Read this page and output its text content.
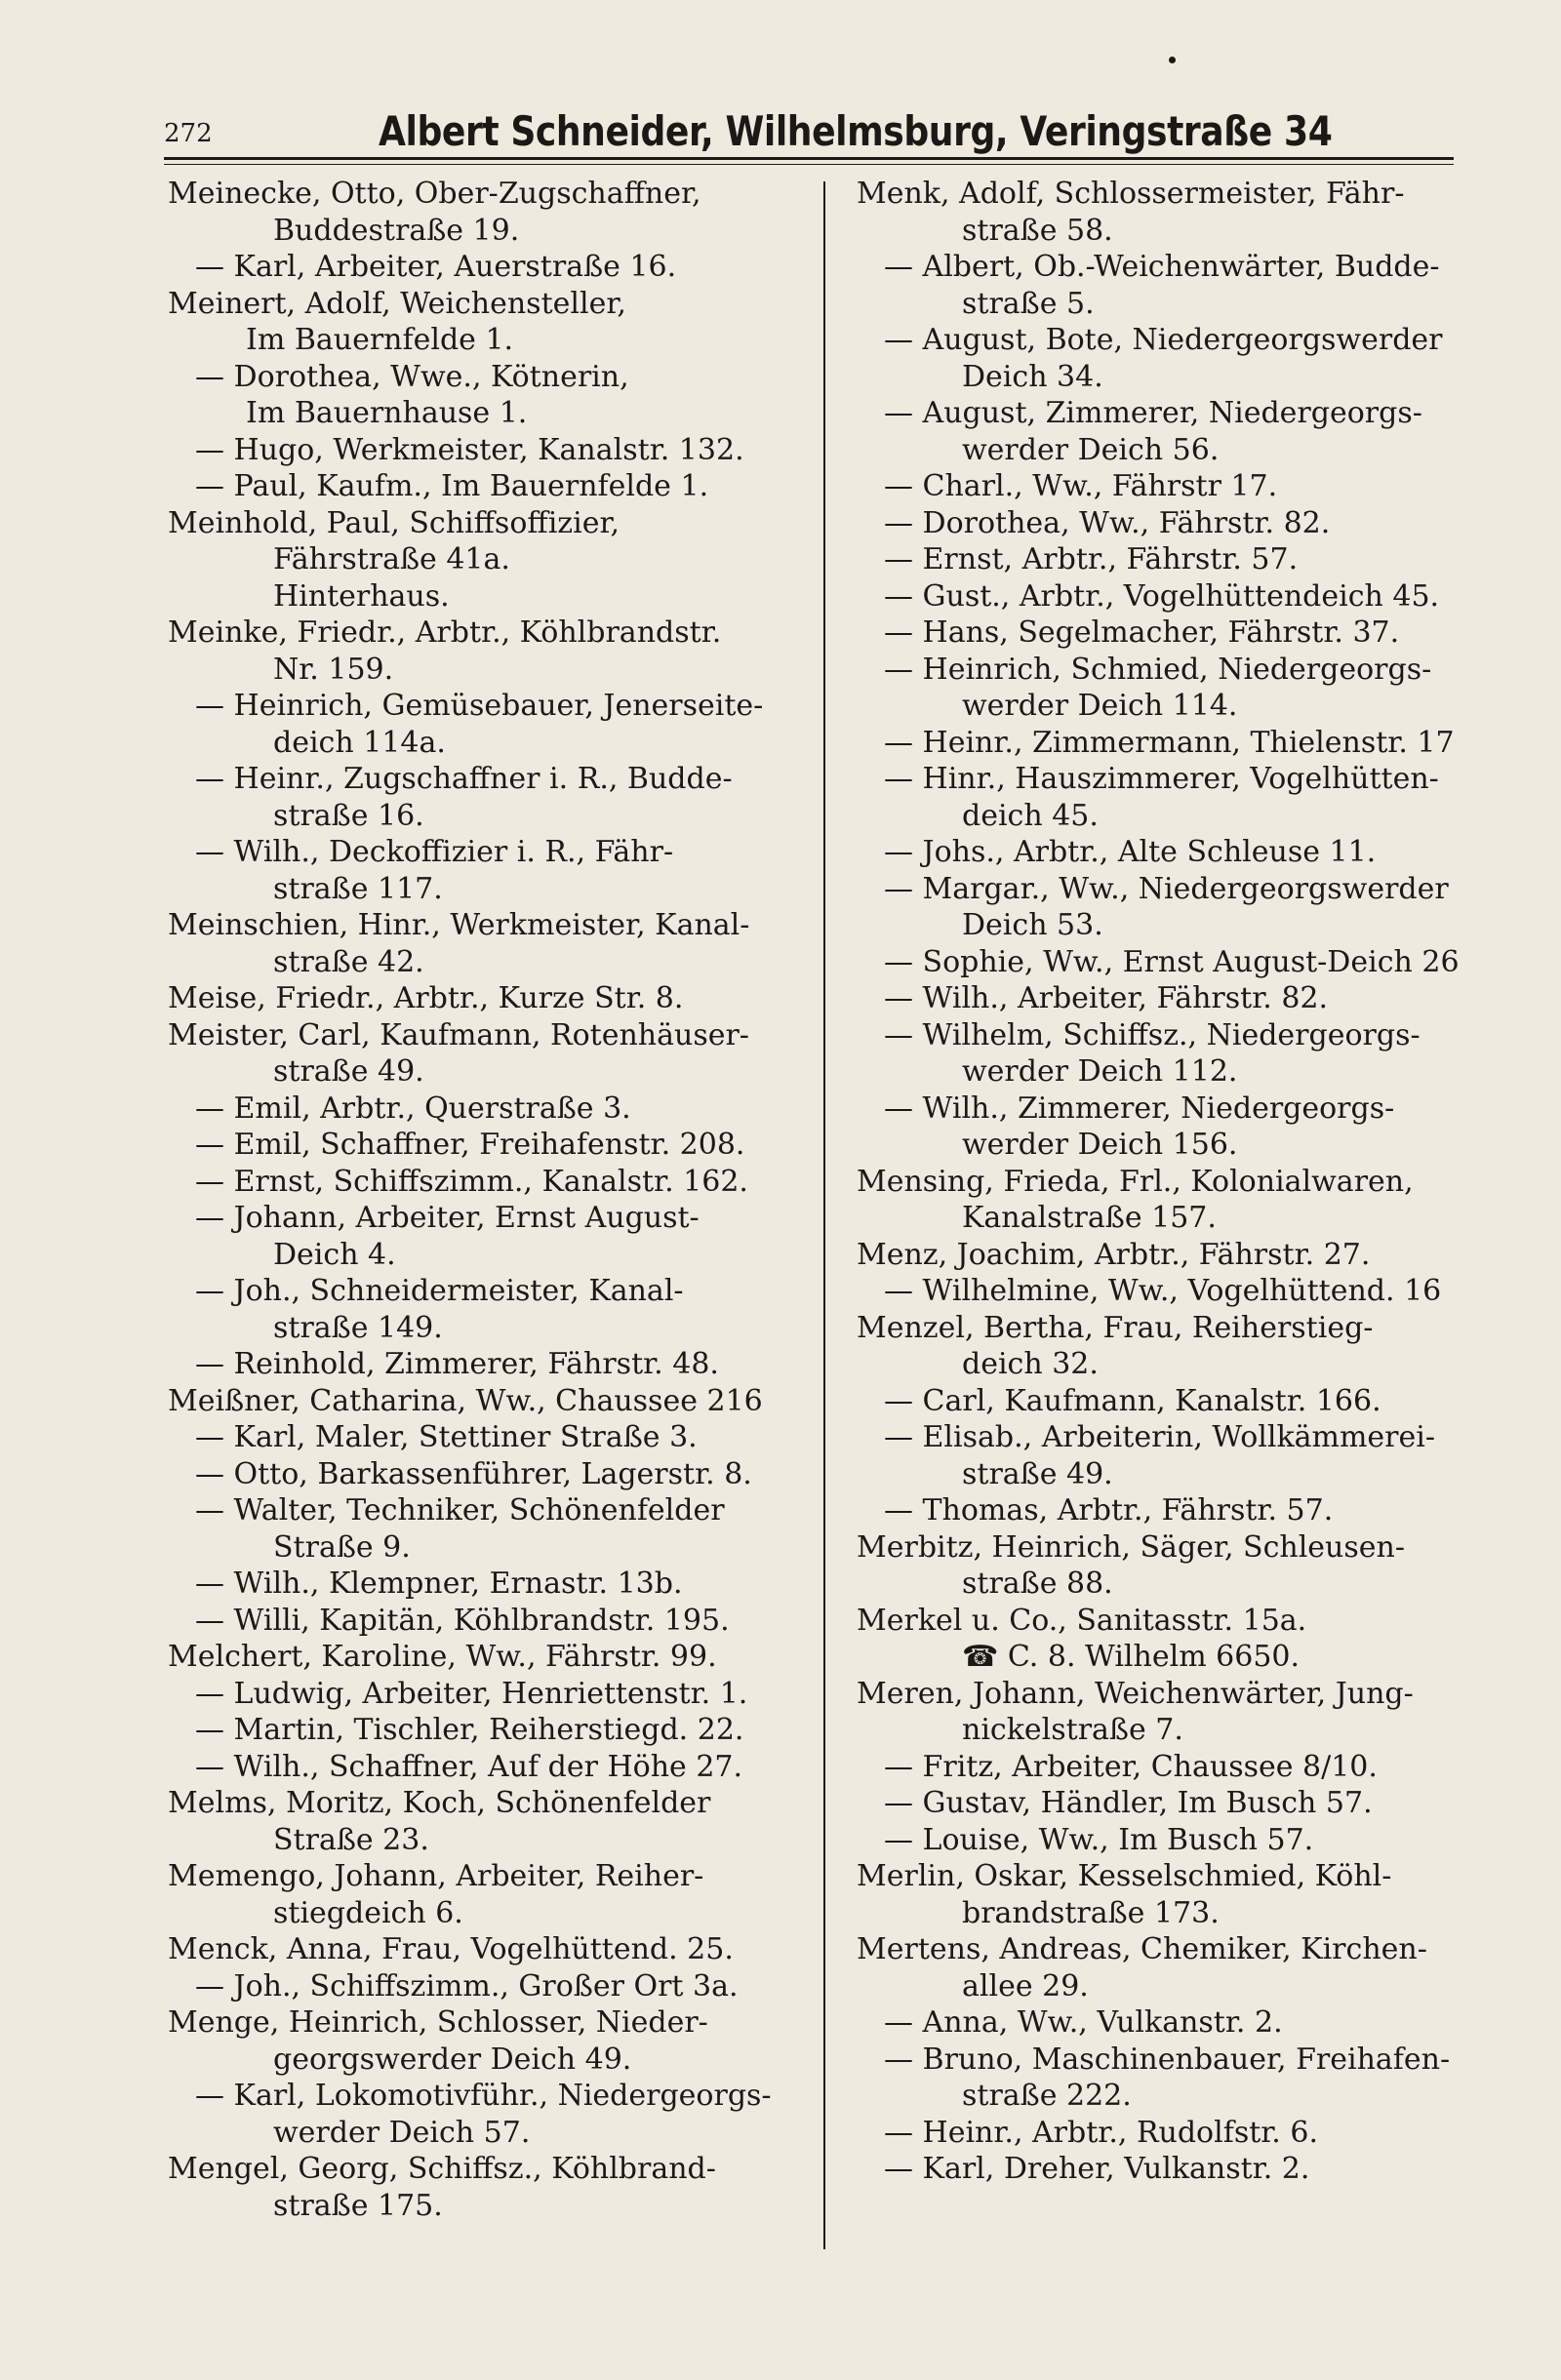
272	Albert Schneider, Wilhelmsburg, Veringstraße 34
Meinecke, Otto, Ober-Zugschaffner,
Buddestraße 19.
— Karl, Arbeiter, Auerstraße 16.
Meinert, Adolf, Weichensteller,
Im Bauernfelde 1.
— Dorothea, Wwe., Kötnerin,
Im Bauernhause 1.
— Hugo, Werkmeister, Kanalstr. 132.
— Paul, Kaufm., Im Bauernfelde 1.
Meinhold, Paul, Schiffsoffizier,
Fährstraße 41a.
Hinterhaus.
Meinke, Friedr., Arbtr., Köhlbrandstr.
Nr. 159.
— Heinrich, Gemüsebauer, Jenerseite-
deich 114a.
— Heinr., Zugschaffner i. R., Budde-
straße 16.
— Wilh., Deckoffizier i. R., Fähr-
straße 117.
Meinschien, Hinr., Werkmeister, Kanal-
straße 42.
Meise, Friedr., Arbtr., Kurze Str. 8.
Meister, Carl, Kaufmann, Rotenhäuser-
straße 49.
— Emil, Arbtr., Querstraße 3.
— Emil, Schaffner, Freihafenstr. 208.
— Ernst, Schiffszimm., Kanalstr. 162.
— Johann, Arbeiter, Ernst August-
Deich 4.
— Joh., Schneidermeister, Kanal-
straße 149.
— Reinhold, Zimmerer, Fährstr. 48.
Meißner, Catharina, Ww., Chaussee 216
— Karl, Maler, Stettiner Straße 3.
— Otto, Barkassenführer, Lagerstr. 8.
— Walter, Techniker, Schönenfelder
Straße 9.
— Wilh., Klempner, Ernastr. 13b.
— Willi, Kapitän, Köhlbrandstr. 195.
Melchert, Karoline, Ww., Fährstr. 99.
— Ludwig, Arbeiter, Henriettenstr. 1.
— Martin, Tischler, Reiherstiegd. 22.
— Wilh., Schaffner, Auf der Höhe 27.
Melms, Moritz, Koch, Schönenfelder
Straße 23.
Memengo, Johann, Arbeiter, Reiher-
stiegdeich 6.
Menck, Anna, Frau, Vogelhüttend. 25.
— Joh., Schiffszimm., Großer Ort 3a.
Menge, Heinrich, Schlosser, Nieder-
georgswerder Deich 49.
— Karl, Lokomotivführ., Niedergeorgs-
werder Deich 57.
Mengel, Georg, Schiffsz., Köhlbrand-
straße 175.
Menk, Adolf, Schlossermeister, Fähr-
straße 58.
— Albert, Ob.-Weichenwärter, Budde-
straße 5.
— August, Bote, Niedergeorgswerder
Deich 34.
— August, Zimmerer, Niedergeorgs-
werder Deich 56.
— Charl., Ww., Fährstr 17.
— Dorothea, Ww., Fährstr. 82.
— Ernst, Arbtr., Fährstr. 57.
— Gust., Arbtr., Vogelhüttendeich 45.
— Hans, Segelmacher, Fährstr. 37.
— Heinrich, Schmied, Niedergeorgs-
werder Deich 114.
— Heinr., Zimmermann, Thielenstr. 17
— Hinr., Hauszimmerer, Vogelhütten-
deich 45.
— Johs., Arbtr., Alte Schleuse 11.
— Margar., Ww., Niedergeorgswerder
Deich 53.
— Sophie, Ww., Ernst August-Deich 26
— Wilh., Arbeiter, Fährstr. 82.
— Wilhelm, Schiffsz., Niedergeorgs-
werder Deich 112.
— Wilh., Zimmerer, Niedergeorgs-
werder Deich 156.
Mensing, Frieda, Frl., Kolonialwaren,
Kanalstraße 157.
Menz, Joachim, Arbtr., Fährstr. 27.
— Wilhelmine, Ww., Vogelhüttend. 16
Menzel, Bertha, Frau, Reiherstieg-
deich 32.
— Carl, Kaufmann, Kanalstr. 166.
— Elisab., Arbeiterin, Wollkämmerei-
straße 49.
— Thomas, Arbtr., Fährstr. 57.
Merbitz, Heinrich, Säger, Schleusen-
straße 88.
Merkel u. Co., Sanitasstr. 15a.
☎ C. 8. Wilhelm 6650.
Meren, Johann, Weichenwärter, Jung-
nickelstraße 7.
— Fritz, Arbeiter, Chaussee 8/10.
— Gustav, Händler, Im Busch 57.
— Louise, Ww., Im Busch 57.
Merlin, Oskar, Kesselschmied, Köhl-
brandstraße 173.
Mertens, Andreas, Chemiker, Kirchen-
allee 29.
— Anna, Ww., Vulkanstr. 2.
— Bruno, Maschinenbauer, Freihafen-
straße 222.
— Heinr., Arbtr., Rudolfstr. 6.
— Karl, Dreher, Vulkanstr. 2.
